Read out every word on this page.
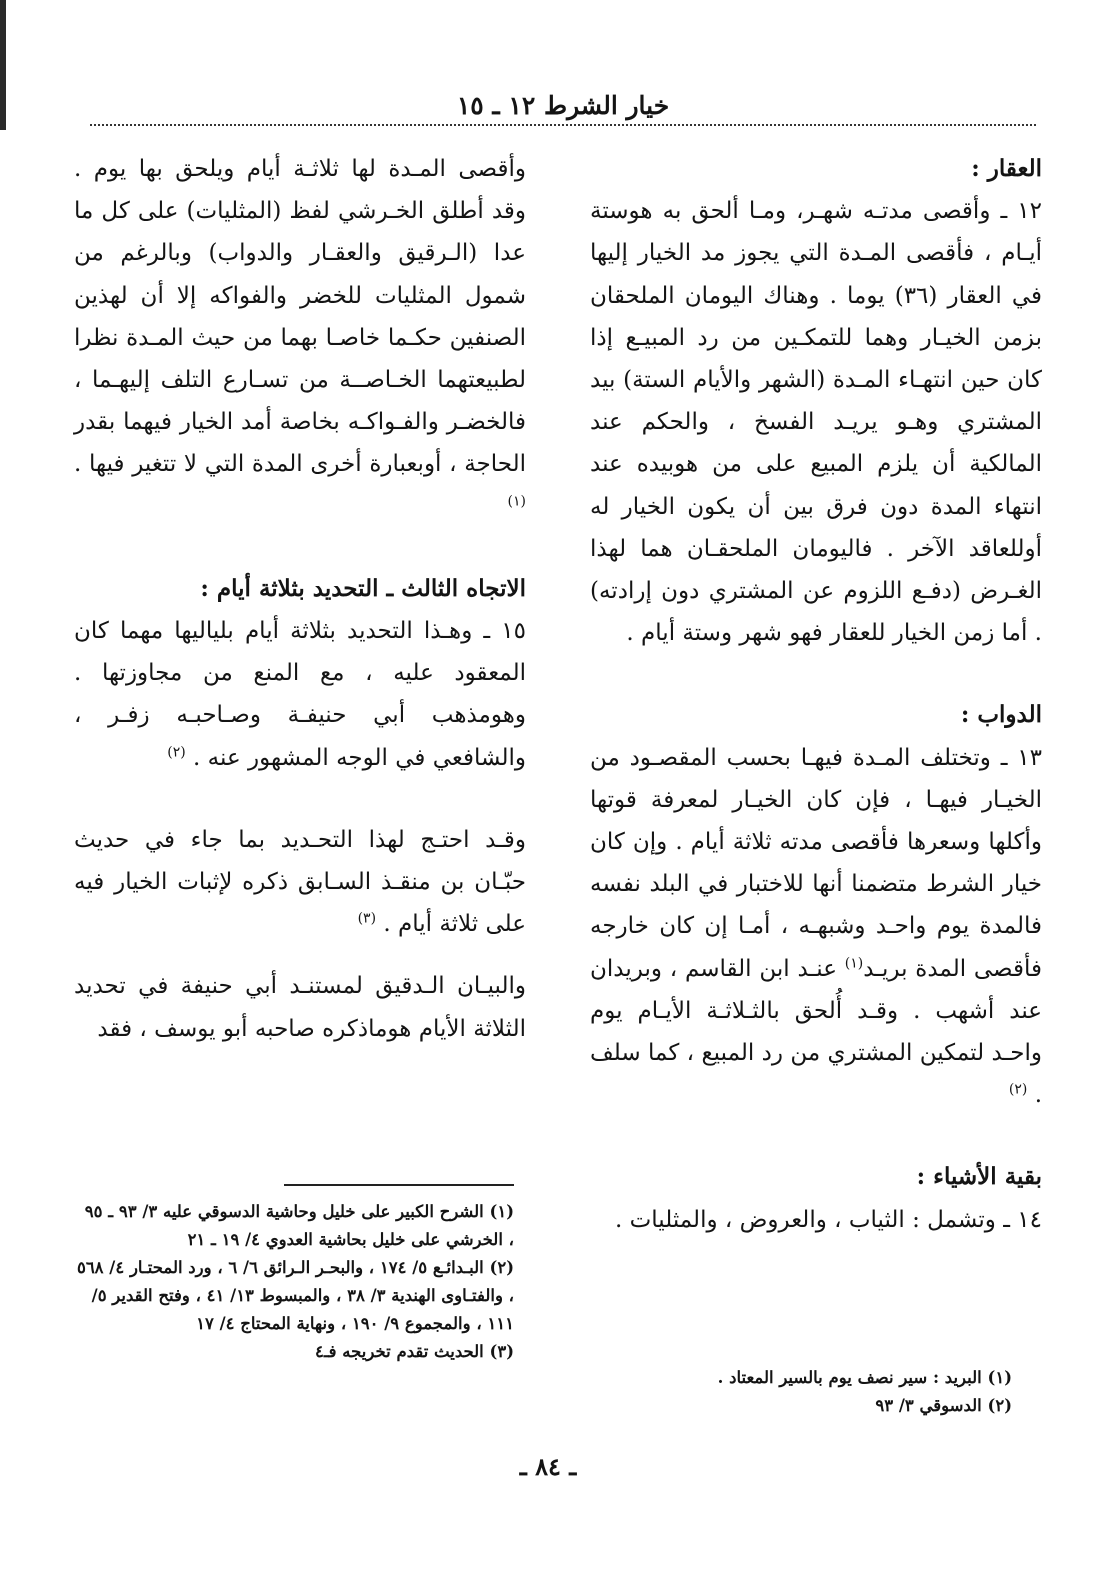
خيار الشرط ١٢ ـ ١٥

العقار :

١٢ ـ وأقصى مدتـه شهـر، ومـا ألحق به هوستة أيـام ، فأقصى المـدة التي يجوز مد الخيار إليها في العقار (٣٦) يوما . وهناك اليومان الملحقان بزمن الخيـار وهما للتمكـين من رد المبيـع إذا كان حين انتهـاء المـدة (الشهر والأيام الستة) بيد المشتري وهـو يريـد الفسخ ، والحكم عند المالكية أن يلزم المبيع على من هوبيده عند انتهاء المدة دون فرق بين أن يكون الخيار له أوللعاقد الآخر . فاليومان الملحقـان هما لهذا الغـرض (دفـع اللزوم عن المشتري دون إرادته) . أما زمن الخيار للعقار فهو شهر وستة أيام .

الدواب :

١٣ ـ وتختلف المـدة فيهـا بحسب المقصـود من الخيـار فيهـا ، فإن كان الخيـار لمعرفة قوتها وأكلها وسعرها فأقصى مدته ثلاثة أيام . وإن كان خيار الشرط متضمنا أنها للاختبار في البلد نفسه فالمدة يوم واحـد وشبهـه ، أمـا إن كان خارجه فأقصى المدة بريـد$^{(١)}$ عنـد ابن القاسم ، وبريدان عند أشهب . وقـد أُلحق بالثـلاثـة الأيـام يوم واحـد لتمكين المشتري من رد المبيع ، كما سلف . $^{(٢)}$

بقية الأشياء :

١٤ ـ وتشمل : الثياب ، والعروض ، والمثليات .

وأقصى المـدة لها ثلاثـة أيام ويلحق بها يوم . وقد أطلق الخـرشي لفظ (المثليات) على كل ما عدا (الـرقيق والعقـار والدواب) وبالرغم من شمول المثليات للخضر والفواكه إلا أن لهذين الصنفين حكـما خاصـا بهما من حيث المـدة نظرا لطبيعتهما الخـاصــة من تسـارع التلف إليهـما ، فالخضـر والفـواكـه بخاصة أمد الخيار فيهما بقدر الحاجة ، أوبعبارة أخرى المدة التي لا تتغير فيها . $^{(١)}$

الاتجاه الثالث ـ التحديد بثلاثة أيام :

١٥ ـ وهـذا التحديد بثلاثة أيام بلياليها مهما كان المعقود عليه ، مع المنع من مجاوزتها . وهومذهب أبي حنيفـة وصـاحبـه زفـر ، والشافعي في الوجه المشهور عنه . $^{(٢)}$

وقـد احتـج لهذا التحـديد بما جاء في حديث حبّـان بن منقـذ السـابق ذكره لإثبات الخيار فيه على ثلاثة أيام . $^{(٣)}$

والبيـان الـدقيق لمستنـد أبي حنيفة في تحديد الثلاثة الأيام هوماذكره صاحبه أبو يوسف ، فقد

(١) الشرح الكبير على خليل وحاشية الدسوقي عليه ٣/ ٩٣ ـ ٩٥ ، الخرشي على خليل بحاشية العدوي ٤/ ١٩ ـ ٢١

(٢) البـدائـع ٥/ ١٧٤ ، والبحـر الـرائق ٦/ ٦ ، ورد المحتـار ٤/ ٥٦٨ ، والفتـاوى الهندية ٣/ ٣٨ ، والمبسوط ١٣/ ٤١ ، وفتح القدير ٥/ ١١١ ، والمجموع ٩/ ١٩٠ ، ونهاية المحتاج ٤/ ١٧

(٣) الحديث تقدم تخريجه فـ٤

(١) البريد : سير نصف يوم بالسير المعتاد .

(٢) الدسوقي ٣/ ٩٣

ـ ٨٤ ـ
